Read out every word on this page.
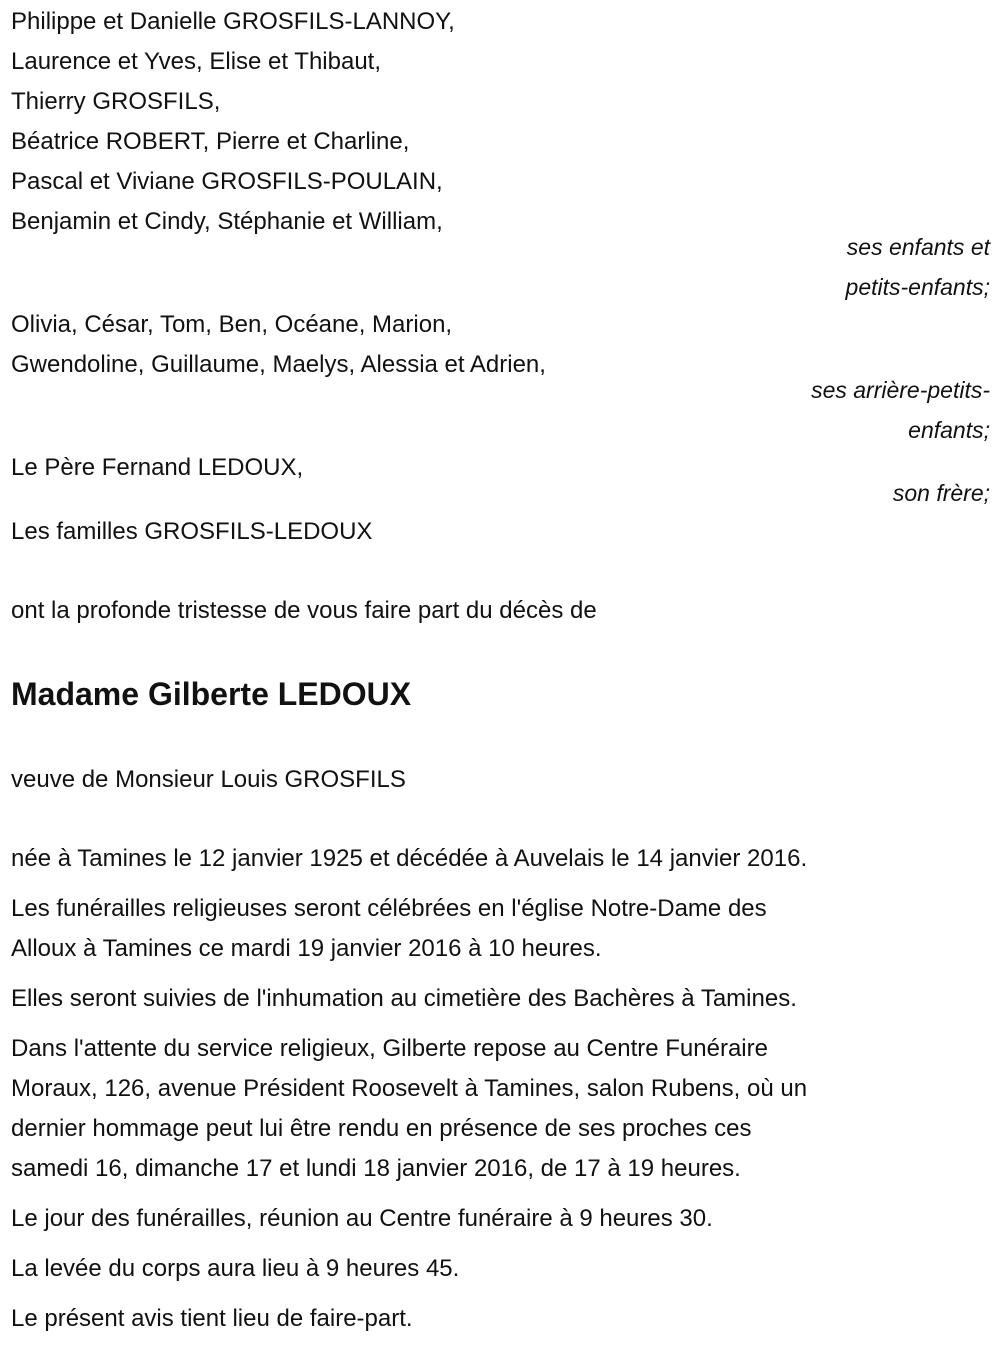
Philippe et Danielle GROSFILS-LANNOY,
Laurence et Yves, Elise et Thibaut,
Thierry GROSFILS,
Béatrice ROBERT, Pierre et Charline,
Pascal et Viviane GROSFILS-POULAIN,
Benjamin et Cindy, Stéphanie et William,
ses enfants et
petits-enfants;
Olivia, César, Tom, Ben, Océane, Marion,
Gwendoline, Guillaume, Maelys, Alessia et Adrien,
ses arrière-petits-
enfants;
Le Père Fernand LEDOUX,
son frère;
Les familles GROSFILS-LEDOUX
ont la profonde tristesse de vous faire part du décès de
Madame Gilberte LEDOUX
veuve de Monsieur Louis GROSFILS
née à Tamines le 12 janvier 1925 et décédée à Auvelais le 14 janvier 2016.
Les funérailles religieuses seront célébrées en l'église Notre-Dame des
Alloux à Tamines ce mardi 19 janvier 2016 à 10 heures.
Elles seront suivies de l'inhumation au cimetière des Bachères à Tamines.
Dans l'attente du service religieux, Gilberte repose au Centre Funéraire
Moraux, 126, avenue Président Roosevelt à Tamines, salon Rubens, où un
dernier hommage peut lui être rendu en présence de ses proches ces
samedi 16, dimanche 17 et lundi 18 janvier 2016, de 17 à 19 heures.
Le jour des funérailles, réunion au Centre funéraire à 9 heures 30.
La levée du corps aura lieu à 9 heures 45.
Le présent avis tient lieu de faire-part.
